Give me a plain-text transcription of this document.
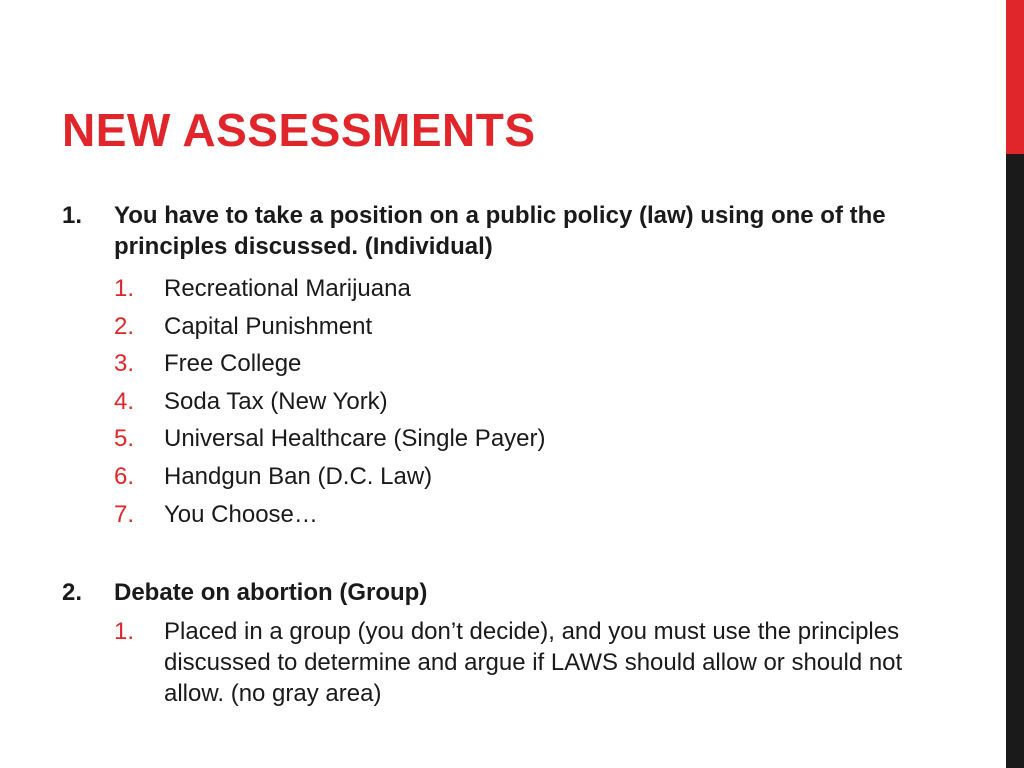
NEW ASSESSMENTS
1.	You have to take a position on a public policy (law) using one of the principles discussed. (Individual)
1.	Recreational Marijuana
2.	Capital Punishment
3.	Free College
4.	Soda Tax (New York)
5.	Universal Healthcare (Single Payer)
6.	Handgun Ban (D.C. Law)
7.	You Choose…
2.	Debate on abortion (Group)
1.	Placed in a group (you don’t decide), and you must use the principles discussed to determine and argue if LAWS should allow or should not allow. (no gray area)
